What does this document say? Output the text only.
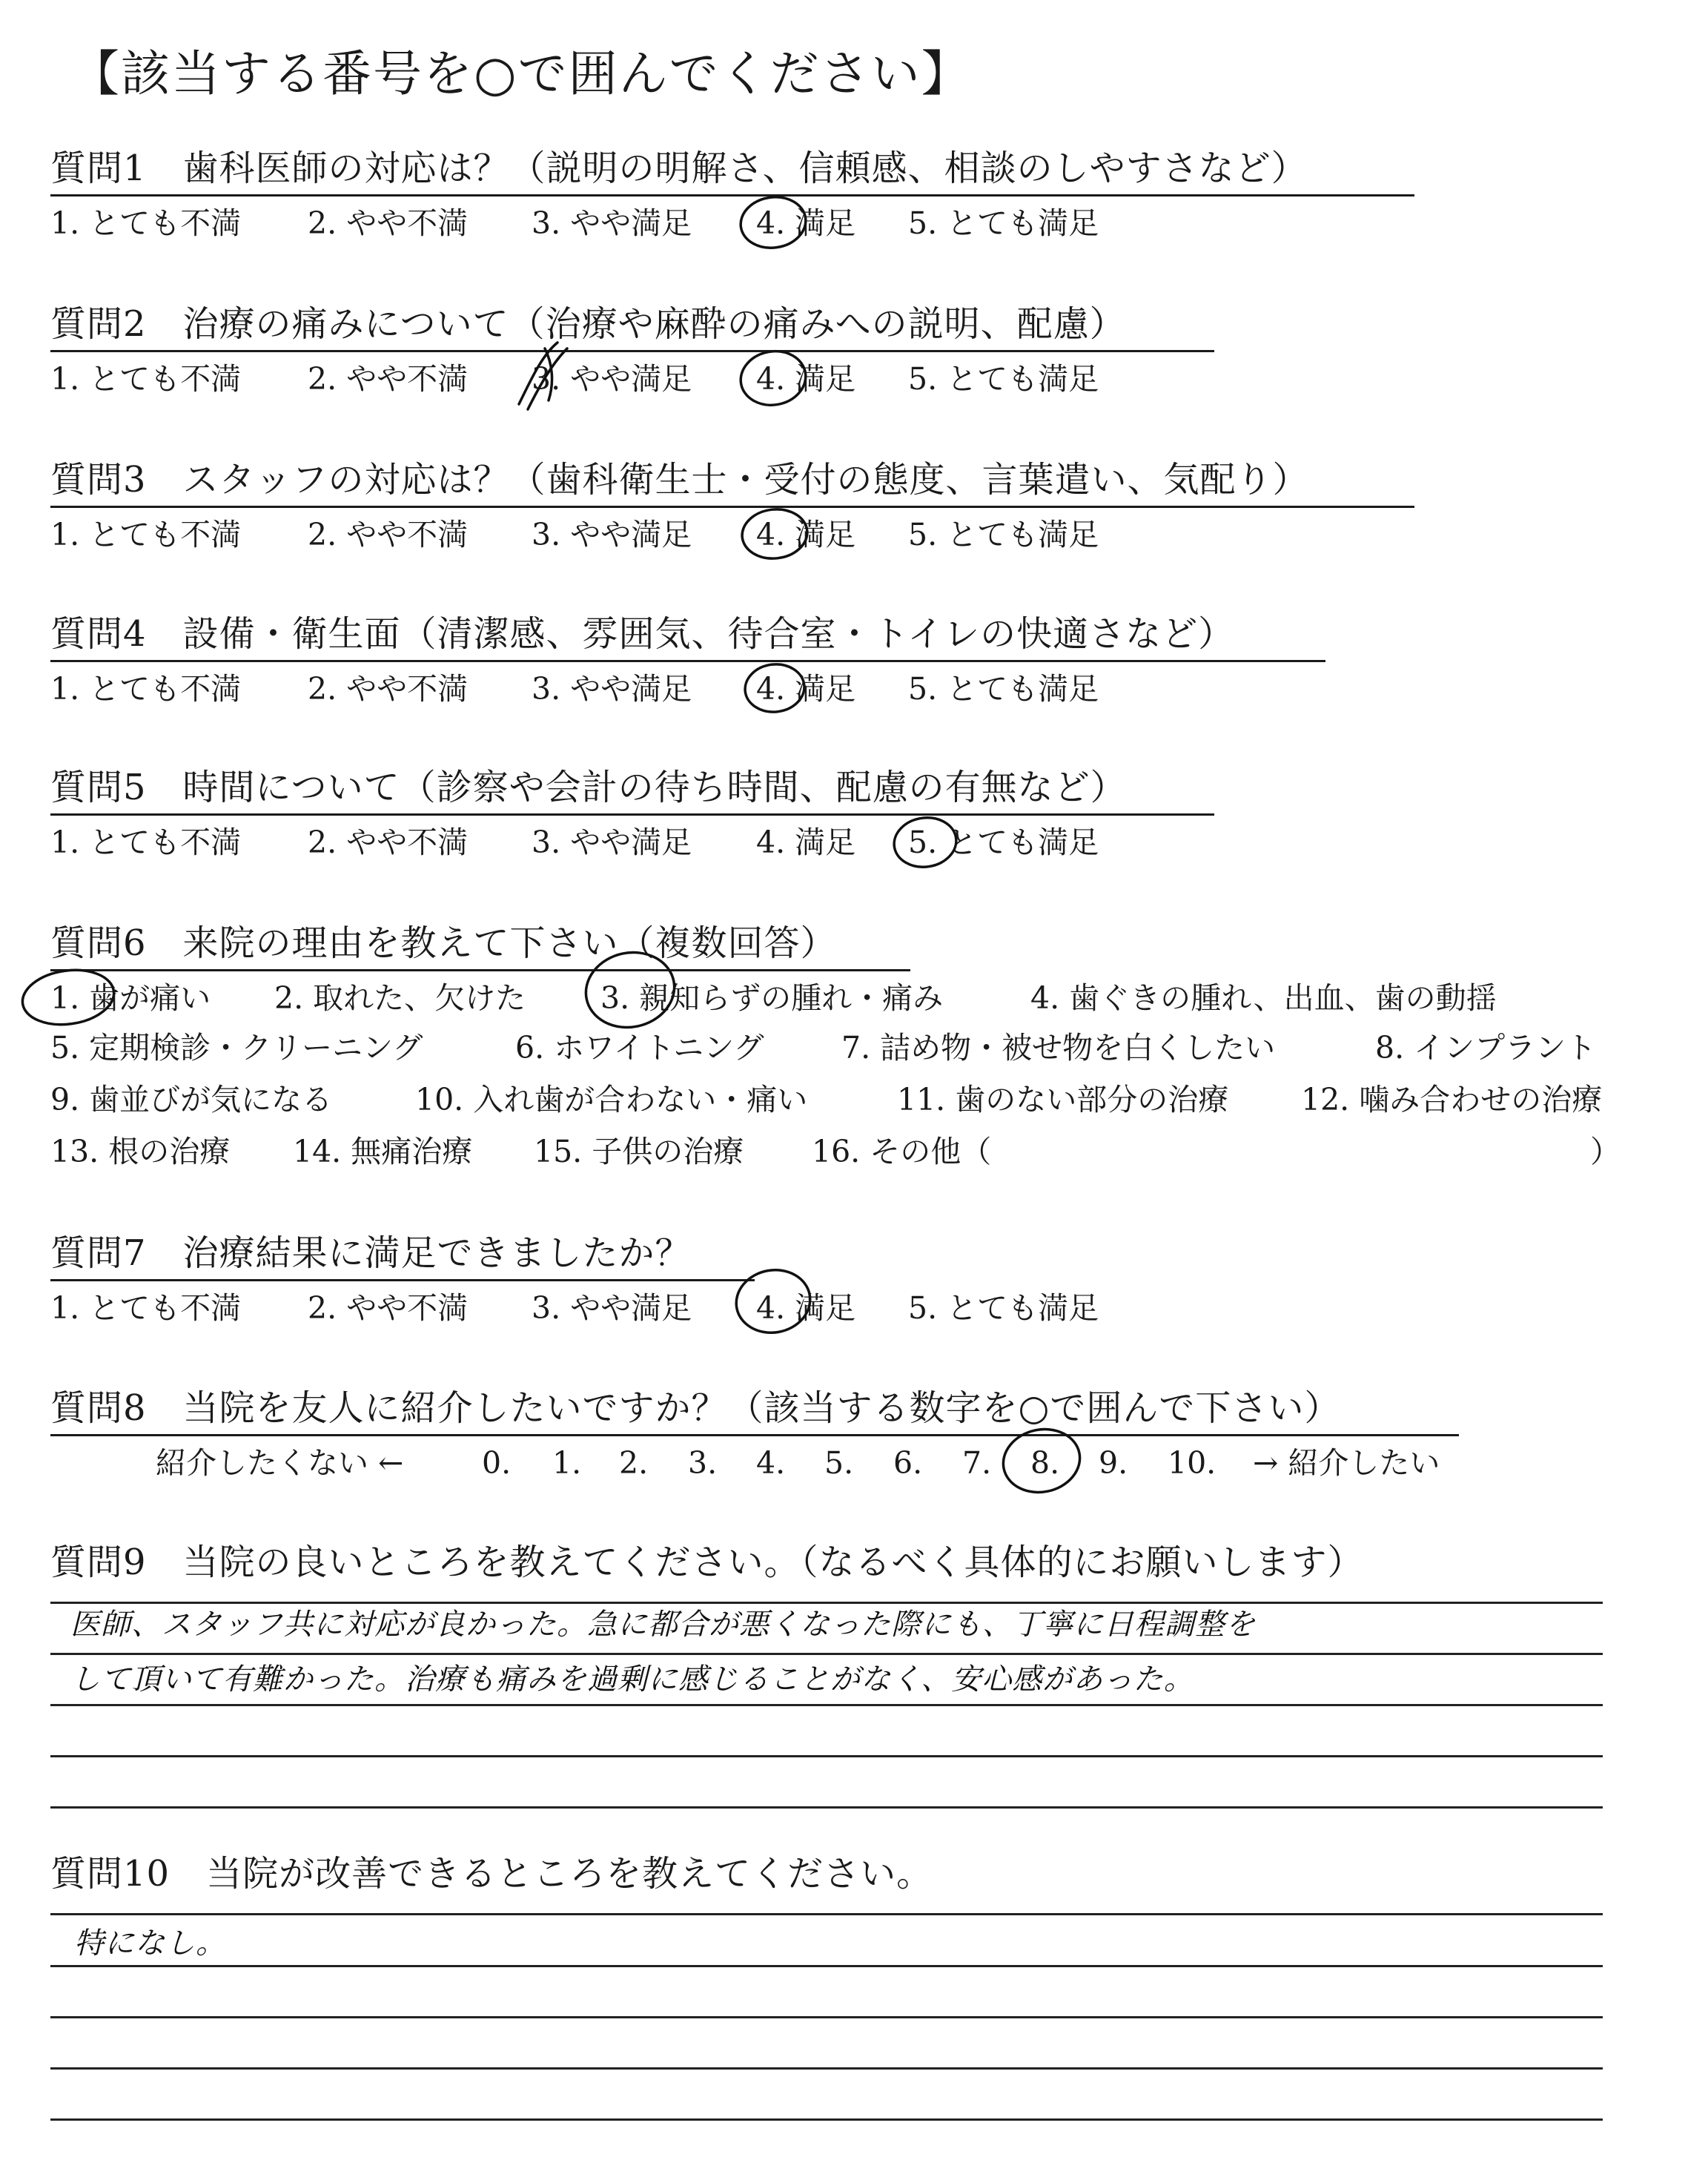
【該当する番号を○で囲んでください】
質問1　歯科医師の対応は？（説明の明解さ、信頼感、相談のしやすさなど）
1. とても不満 2. やや不満 3. やや満足 4. 満足 5. とても満足
質問2　治療の痛みについて（治療や麻酔の痛みへの説明、配慮）
1. とても不満 2. やや不満 3. やや満足 4. 満足 5. とても満足
質問3　スタッフの対応は？（歯科衛生士・受付の態度、言葉遣い、気配り）
1. とても不満 2. やや不満 3. やや満足 4. 満足 5. とても満足
質問4　設備・衛生面（清潔感、雰囲気、待合室・トイレの快適さなど）
1. とても不満 2. やや不満 3. やや満足 4. 満足 5. とても満足
質問5　時間について（診察や会計の待ち時間、配慮の有無など）
1. とても不満 2. やや不満 3. やや満足 4. 満足 5. とても満足
質問6　来院の理由を教えて下さい（複数回答）
1. 歯が痛い 2. 取れた、欠けた 3. 親知らずの腫れ・痛み	4. 歯ぐきの腫れ、出血、歯の動揺
5. 定期検診・クリーニング	6. ホワイトニング	7. 詰め物・被せ物を白くしたい	8. インプラント
9. 歯並びが気になる	10. 入れ歯が合わない・痛い	11. 歯のない部分の治療 12. 噛み合わせの治療
13. 根の治療 14. 無痛治療 15. 子供の治療 16. その他（	）
質問7　治療結果に満足できましたか？
1. とても不満 2. やや不満 3. やや満足 4. 満足 5. とても満足
質問8　当院を友人に紹介したいですか？（該当する数字を○で囲んで下さい）
紹介したくない ←	0. 1. 2. 3. 4. 5. 6. 7. 8. 9. 10. → 紹介したい
質問9　当院の良いところを教えてください。（なるべく具体的にお願いします）
医師、スタッフ共に対応が良かった。急に都合が悪くなった際にも、丁寧に日程調整を
して頂いて有難かった。治療も痛みを過剰に感じることがなく、安心感があった。
質問10　当院が改善できるところを教えてください。
特になし。
